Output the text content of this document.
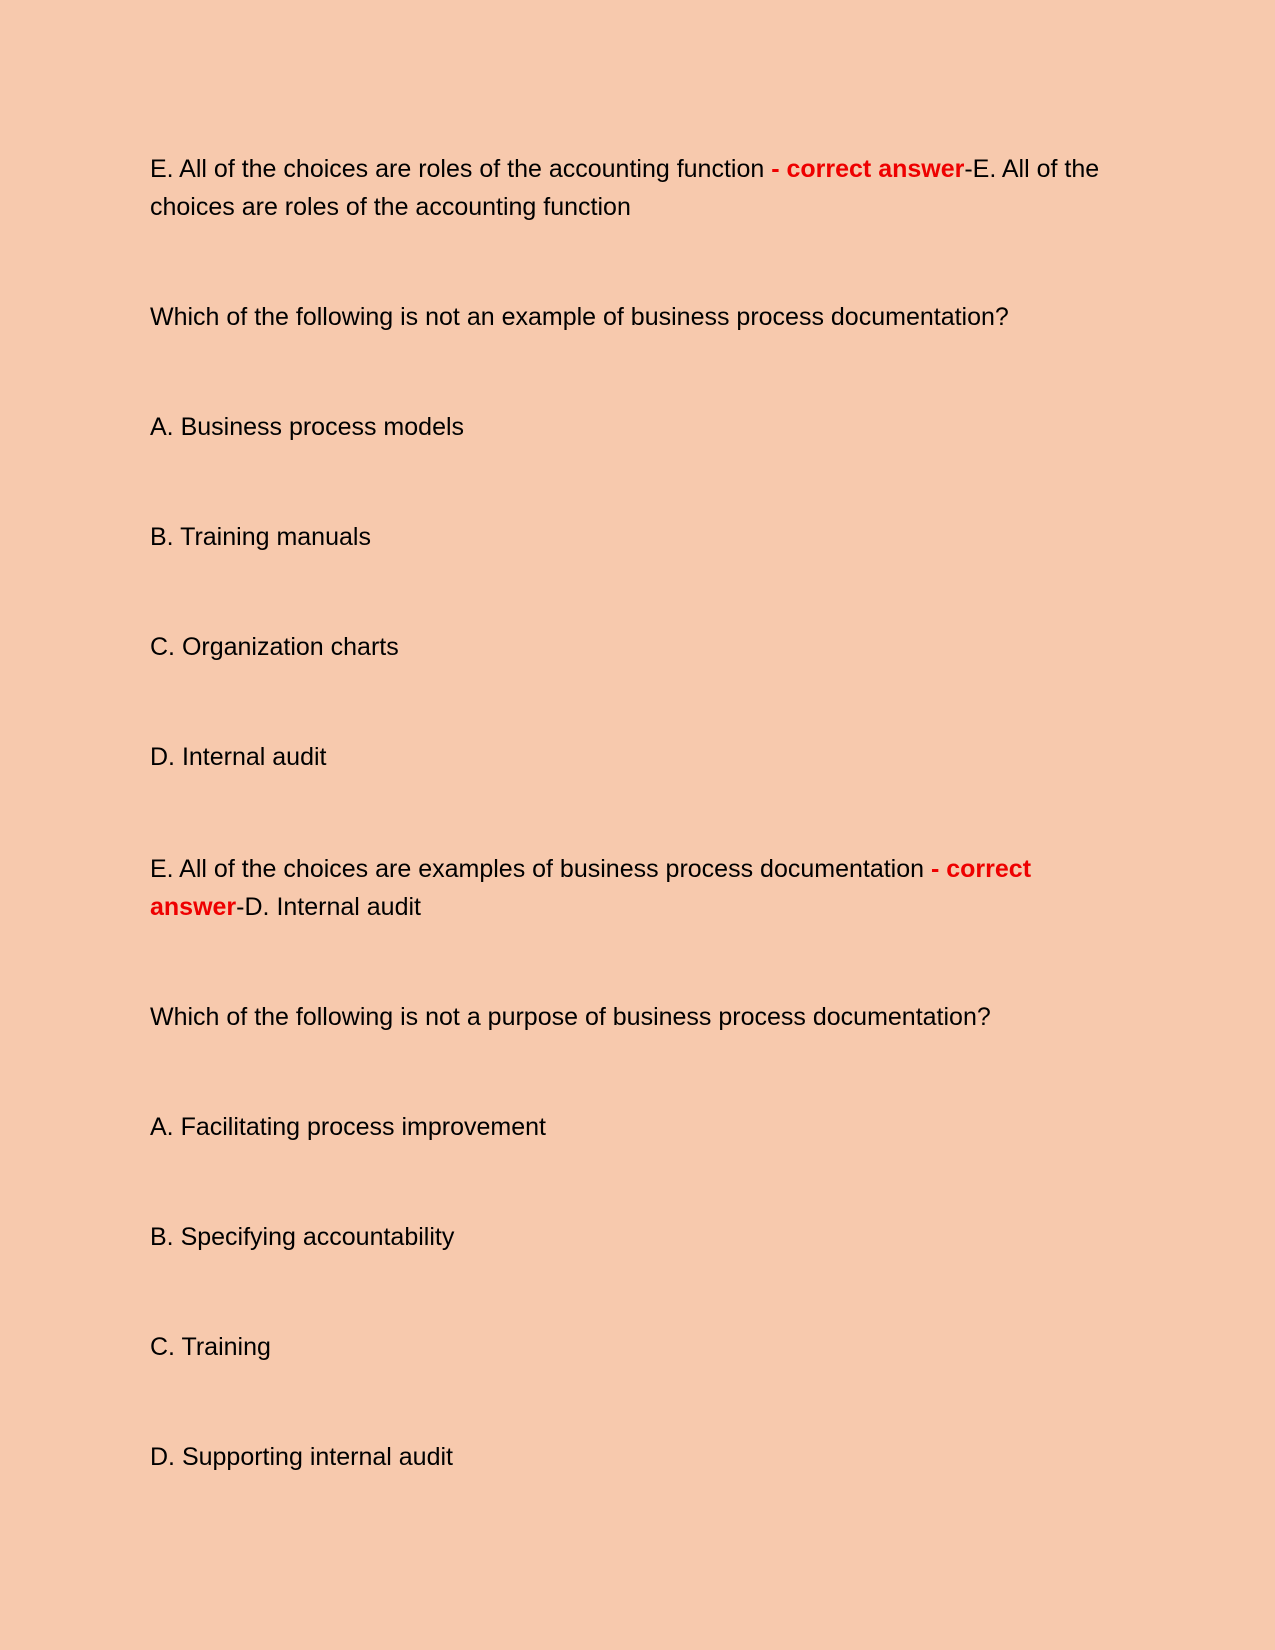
E. All of the choices are roles of the accounting function - correct answer-E. All of the choices are roles of the accounting function

Which of the following is not an example of business process documentation?

A. Business process models

B. Training manuals

C. Organization charts

D. Internal audit

E. All of the choices are examples of business process documentation - correct answer-D. Internal audit

Which of the following is not a purpose of business process documentation?

A. Facilitating process improvement

B. Specifying accountability

C. Training

D. Supporting internal audit
